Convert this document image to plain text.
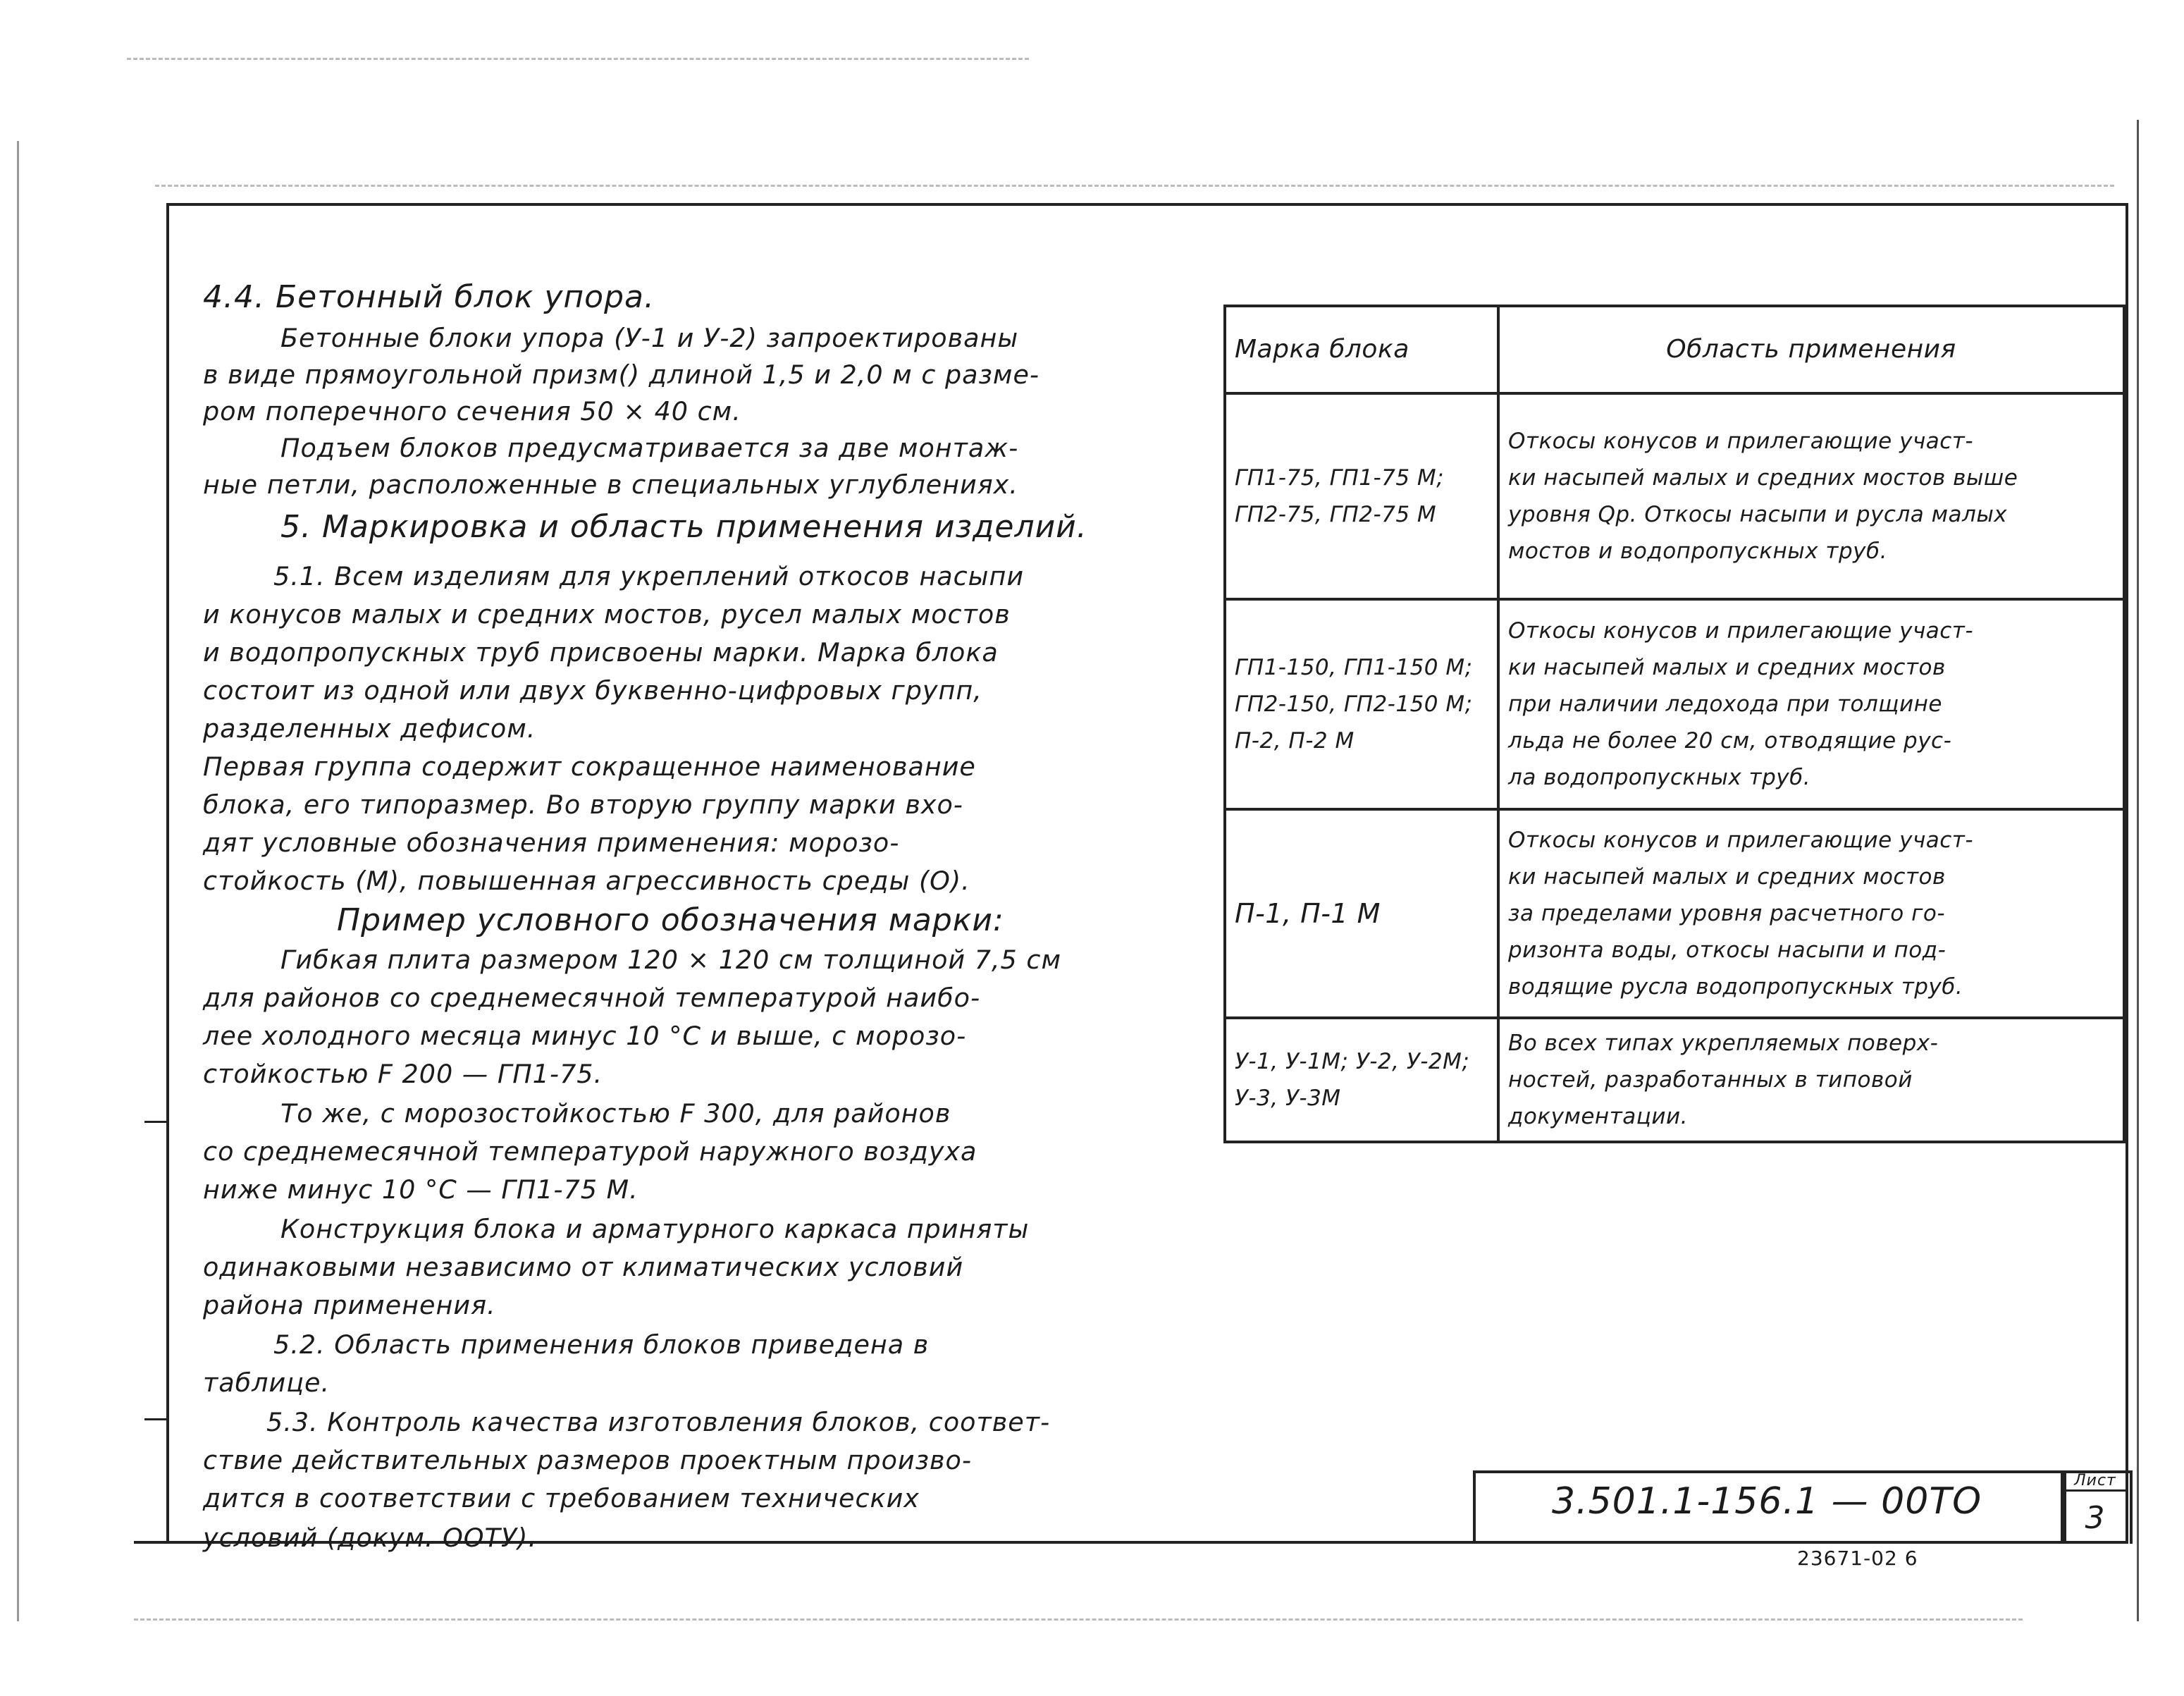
4.4. Бетонный блок упора.
Бетонные блоки упора (У-1 и У-2) запроектированы
в виде прямоугольной призм() длиной 1,5 и 2,0 м с разме-
ром поперечного сечения 50 × 40 см.
Подъем блоков предусматривается за две монтаж-
ные петли, расположенные в специальных углублениях.
5. Маркировка и область применения изделий.
5.1. Всем изделиям для укреплений откосов насыпи
и конусов малых и средних мостов, русел малых мостов
и водопропускных труб присвоены марки. Марка блока
состоит из одной или двух буквенно-цифровых групп,
разделенных дефисом.
Первая группа содержит сокращенное наименование
блока, его типоразмер. Во вторую группу марки вхо-
дят условные обозначения применения: морозо-
стойкость (М), повышенная агрессивность среды (О).
Пример условного обозначения марки:
Гибкая плита размером 120 × 120 см толщиной 7,5 см
для районов со среднемесячной температурой наибо-
лее холодного месяца минус 10 °С и выше, с морозо-
стойкостью F 200 — ГП1-75.
То же, с морозостойкостью F 300, для районов
со среднемесячной температурой наружного воздуха
ниже минус 10 °С — ГП1-75 М.
Конструкция блока и арматурного каркаса приняты
одинаковыми независимо от климатических условий
района применения.
5.2. Область применения блоков приведена в
таблице.
5.3. Контроль качества изготовления блоков, соответ-
ствие действительных размеров проектным произво-
дится в соответствии с требованием технических
условий (докум. ООТУ).
Марка блока	Область применения

ГП1-75, ГП1-75 М;
ГП2-75, ГП2-75 М	Откосы конусов и прилегающие участ-
ки насыпей малых и средних мостов выше
уровня Qр. Откосы насыпи и русла малых
мостов и водопропускных труб.

ГП1-150, ГП1-150 М;
ГП2-150, ГП2-150 М;
П-2, П-2 М	Откосы конусов и прилегающие участ-
ки насыпей малых и средних мостов
при наличии ледохода при толщине
льда не более 20 см, отводящие рус-
ла водопропускных труб.

П-1, П-1 М	Откосы конусов и прилегающие участ-
ки насыпей малых и средних мостов
за пределами уровня расчетного го-
ризонта воды, откосы насыпи и под-
водящие русла водопропускных труб.

У-1, У-1М; У-2, У-2М;
У-3, У-3М	Во всех типах укрепляемых поверх-
ностей, разработанных в типовой
документации.
3.501.1-156.1 — 00ТО	Лист
3
23671-02 6
